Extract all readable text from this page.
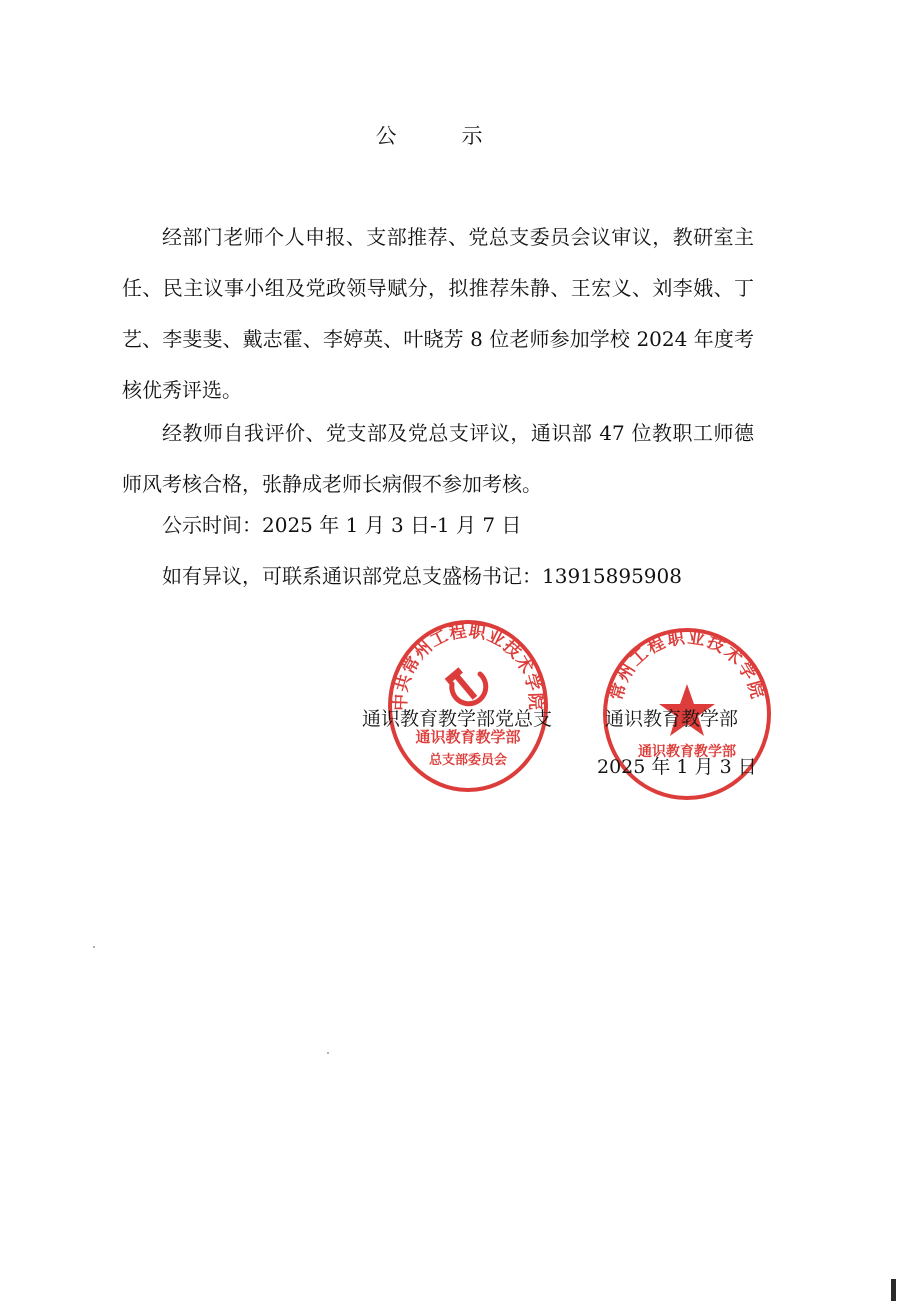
公　示

经部门老师个人申报、支部推荐、党总支委员会议审议，教研室主任、民主议事小组及党政领导赋分，拟推荐朱静、王宏义、刘李娥、丁艺、李斐斐、戴志霍、李婷英、叶晓芳 8 位老师参加学校 2024 年度考核优秀评选。

经教师自我评价、党支部及党总支评议，通识部 47 位教职工师德师风考核合格，张静成老师长病假不参加考核。

公示时间：2025 年 1 月 3 日-1 月 7 日

如有异议，可联系通识部党总支盛杨书记：13915895908

中共常州工程职业技术学院
通识教育教学部
总支部委员会
常州工程职业技术学院
通识教育教学部
通识教育教学部党总支	通识教育教学部
2025 年 1 月 3 日
